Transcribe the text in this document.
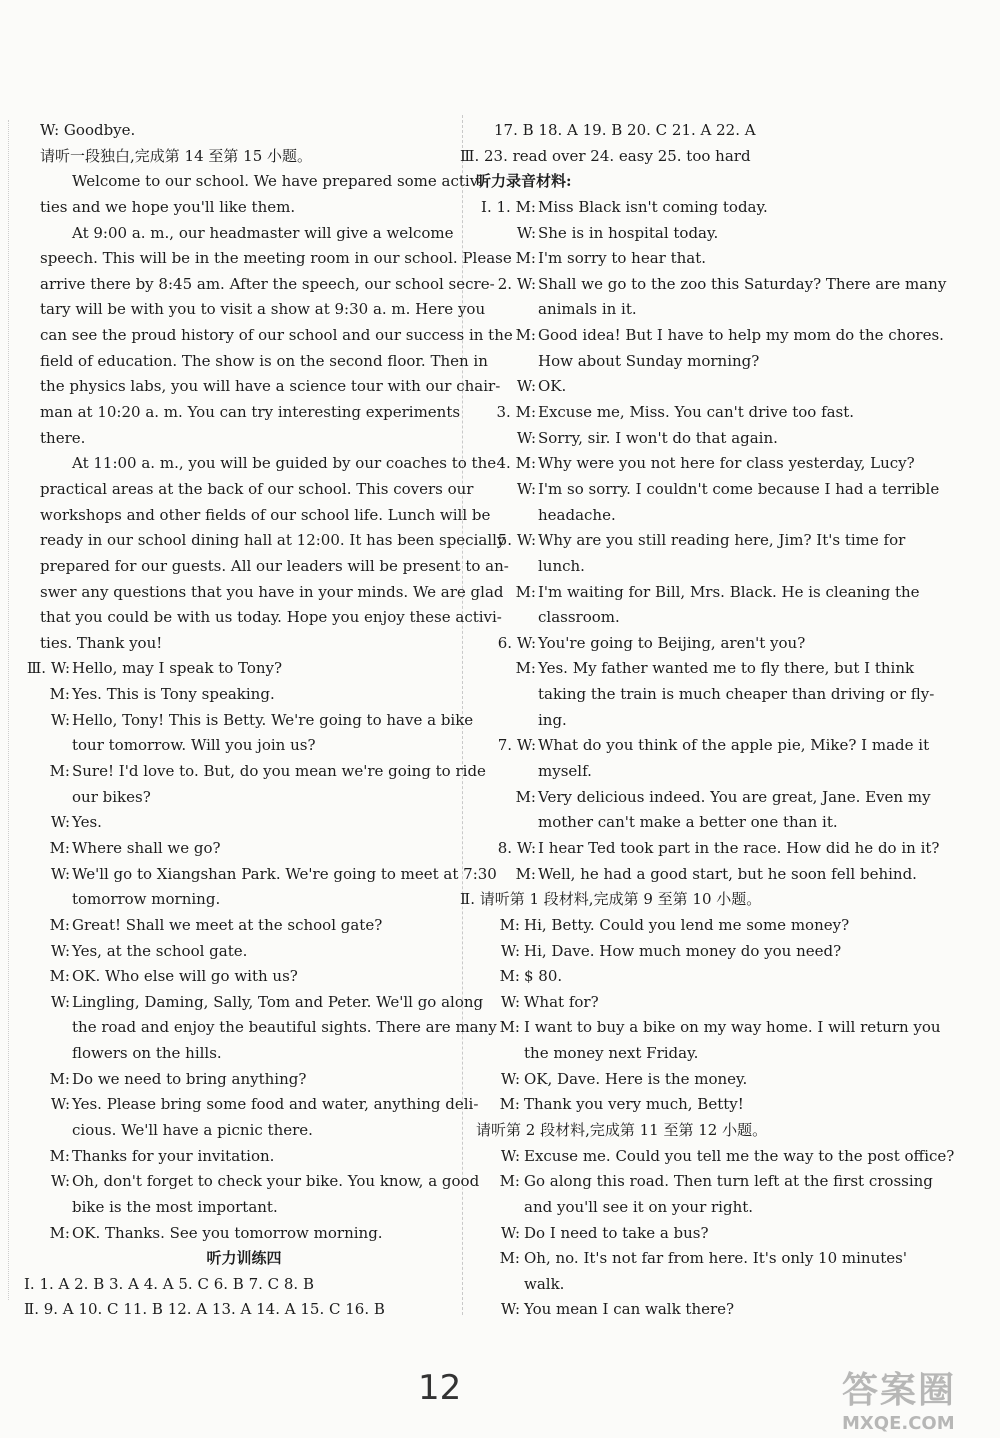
W: Goodbye.
请听一段独白,完成第 14 至第 15 小题。
Welcome to our school. We have prepared some activi-
ties and we hope you'll like them.
At 9:00 a. m., our headmaster will give a welcome
speech. This will be in the meeting room in our school. Please
arrive there by 8:45 am. After the speech, our school secre-
tary will be with you to visit a show at 9:30 a. m. Here you
can see the proud history of our school and our success in the
field of education. The show is on the second floor. Then in
the physics labs, you will have a science tour with our chair-
man at 10:20 a. m. You can try interesting experiments
there.
At 11:00 a. m., you will be guided by our coaches to the
practical areas at the back of our school. This covers our
workshops and other fields of our school life. Lunch will be
ready in our school dining hall at 12:00. It has been specially
prepared for our guests. All our leaders will be present to an-
swer any questions that you have in your minds. We are glad
that you could be with us today. Hope you enjoy these activi-
ties. Thank you!
Ⅲ. W: Hello, may I speak to Tony?
M: Yes. This is Tony speaking.
W: Hello, Tony! This is Betty. We're going to have a bike
tour tomorrow. Will you join us?
M: Sure! I'd love to. But, do you mean we're going to ride
our bikes?
W: Yes.
M: Where shall we go?
W: We'll go to Xiangshan Park. We're going to meet at 7:30
tomorrow morning.
M: Great! Shall we meet at the school gate?
W: Yes, at the school gate.
M: OK. Who else will go with us?
W: Lingling, Daming, Sally, Tom and Peter. We'll go along
the road and enjoy the beautiful sights. There are many
flowers on the hills.
M: Do we need to bring anything?
W: Yes. Please bring some food and water, anything deli-
cious. We'll have a picnic there.
M: Thanks for your invitation.
W: Oh, don't forget to check your bike. You know, a good
bike is the most important.
M: OK. Thanks. See you tomorrow morning.
听力训练四
Ⅰ. 1. A 2. B 3. A 4. A 5. C 6. B 7. C 8. B
Ⅱ. 9. A 10. C 11. B 12. A 13. A 14. A 15. C 16. B
17. B 18. A 19. B 20. C 21. A 22. A
Ⅲ. 23. read over 24. easy 25. too hard
听力录音材料:
Ⅰ. 1. M: Miss Black isn't coming today.
W: She is in hospital today.
M: I'm sorry to hear that.
2. W: Shall we go to the zoo this Saturday? There are many
animals in it.
M: Good idea! But I have to help my mom do the chores.
How about Sunday morning?
W: OK.
3. M: Excuse me, Miss. You can't drive too fast.
W: Sorry, sir. I won't do that again.
4. M: Why were you not here for class yesterday, Lucy?
W: I'm so sorry. I couldn't come because I had a terrible
headache.
5. W: Why are you still reading here, Jim? It's time for
lunch.
M: I'm waiting for Bill, Mrs. Black. He is cleaning the
classroom.
6. W: You're going to Beijing, aren't you?
M: Yes. My father wanted me to fly there, but I think
taking the train is much cheaper than driving or fly-
ing.
7. W: What do you think of the apple pie, Mike? I made it
myself.
M: Very delicious indeed. You are great, Jane. Even my
mother can't make a better one than it.
8. W: I hear Ted took part in the race. How did he do in it?
M: Well, he had a good start, but he soon fell behind.
Ⅱ. 请听第 1 段材料,完成第 9 至第 10 小题。
M: Hi, Betty. Could you lend me some money?
W: Hi, Dave. How much money do you need?
M: $ 80.
W: What for?
M: I want to buy a bike on my way home. I will return you
the money next Friday.
W: OK, Dave. Here is the money.
M: Thank you very much, Betty!
请听第 2 段材料,完成第 11 至第 12 小题。
W: Excuse me. Could you tell me the way to the post office?
M: Go along this road. Then turn left at the first crossing
and you'll see it on your right.
W: Do I need to take a bus?
M: Oh, no. It's not far from here. It's only 10 minutes'
walk.
W: You mean I can walk there?
12	答案圈
MXQE.COM
